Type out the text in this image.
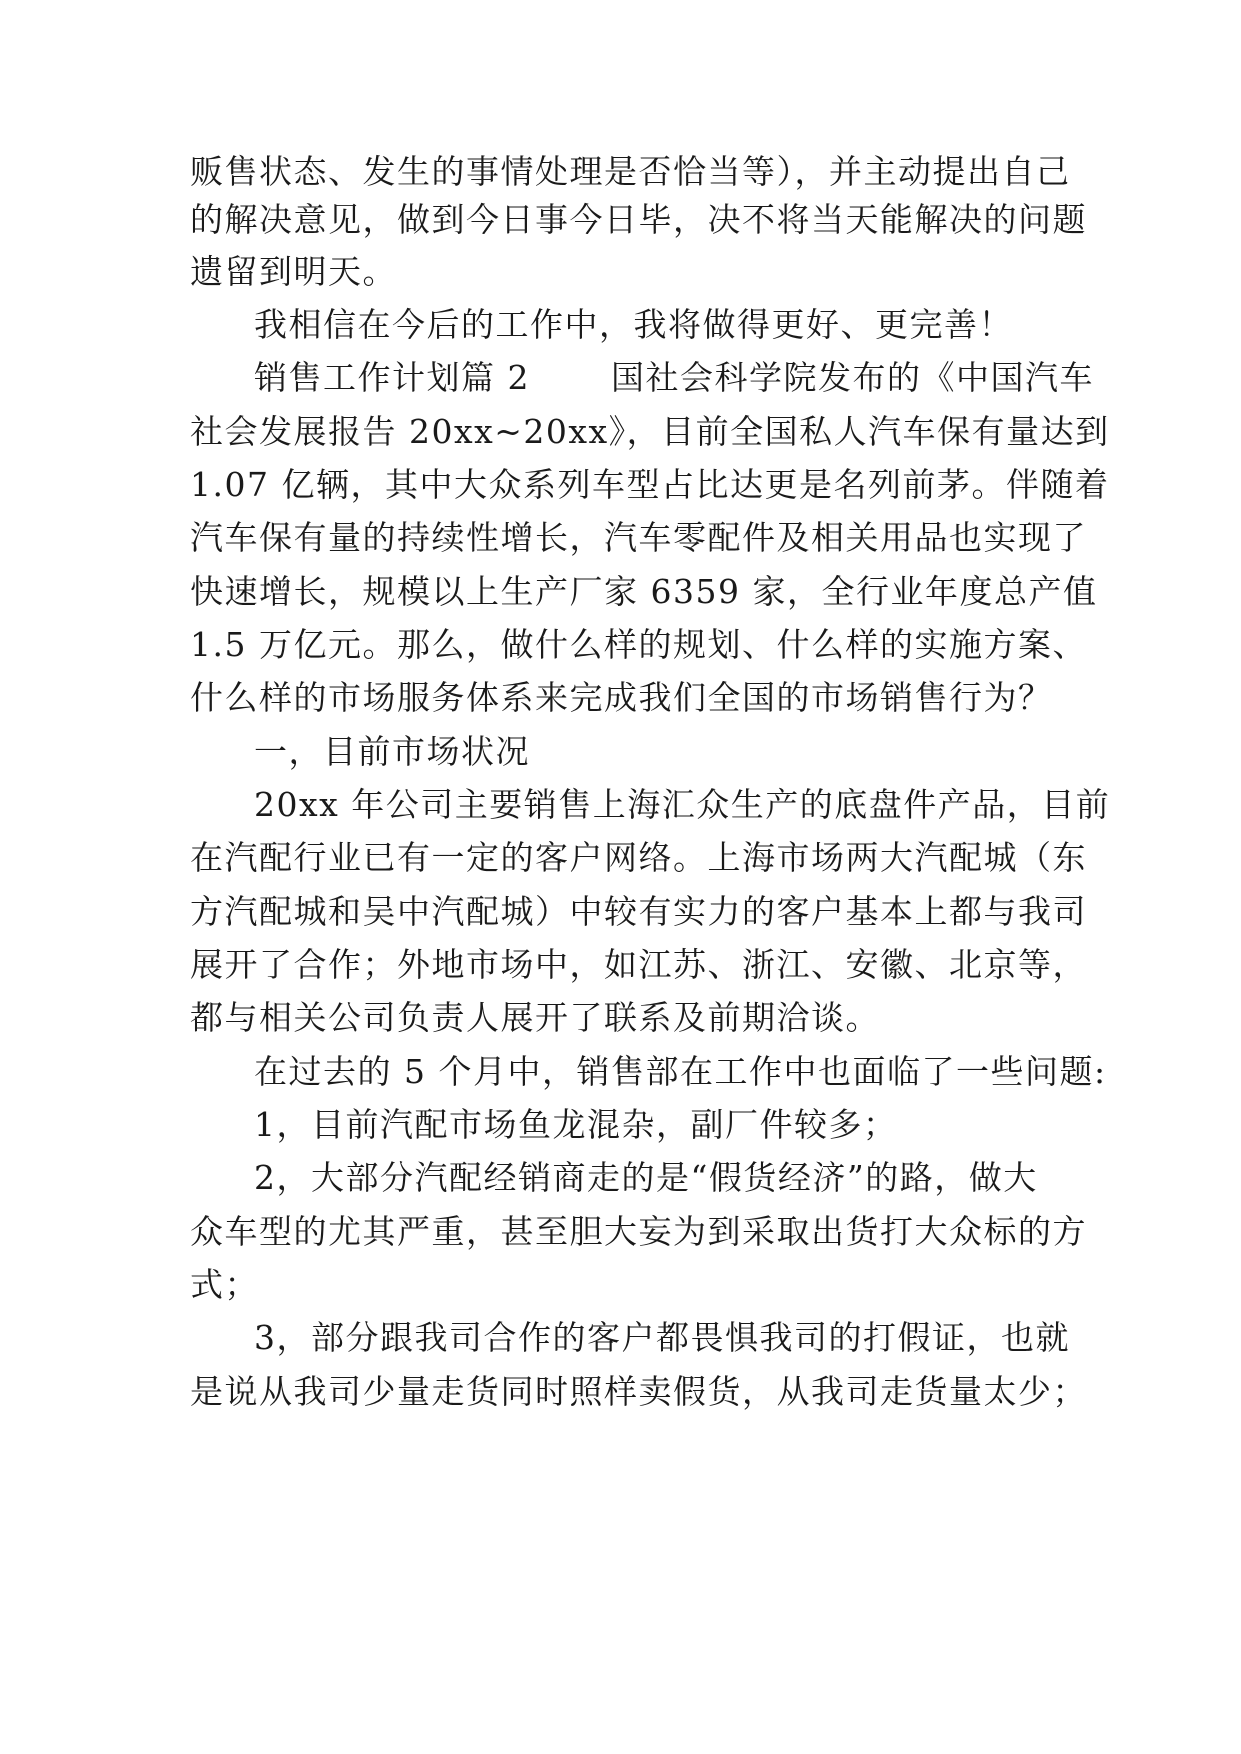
贩售状态、发生的事情处理是否恰当等），并主动提出自己
的解决意见，做到今日事今日毕，决不将当天能解决的问题
遗留到明天。
我相信在今后的工作中，我将做得更好、更完善！
销售工作计划篇 2　　 国社会科学院发布的《中国汽车
社会发展报告 20xx~20xx》，目前全国私人汽车保有量达到
1.07 亿辆，其中大众系列车型占比达更是名列前茅。伴随着
汽车保有量的持续性增长，汽车零配件及相关用品也实现了
快速增长，规模以上生产厂家 6359 家，全行业年度总产值
1.5 万亿元。那么，做什么样的规划、什么样的实施方案、
什么样的市场服务体系来完成我们全国的市场销售行为？
一，目前市场状况
20xx 年公司主要销售上海汇众生产的底盘件产品，目前
在汽配行业已有一定的客户网络。上海市场两大汽配城（东
方汽配城和吴中汽配城）中较有实力的客户基本上都与我司
展开了合作；外地市场中，如江苏、浙江、安徽、北京等，
都与相关公司负责人展开了联系及前期洽谈。
在过去的 5 个月中，销售部在工作中也面临了一些问题:
1，目前汽配市场鱼龙混杂，副厂件较多；
2，大部分汽配经销商走的是“假货经济”的路，做大
众车型的尤其严重，甚至胆大妄为到采取出货打大众标的方
式；
3，部分跟我司合作的客户都畏惧我司的打假证，也就
是说从我司少量走货同时照样卖假货，从我司走货量太少；
